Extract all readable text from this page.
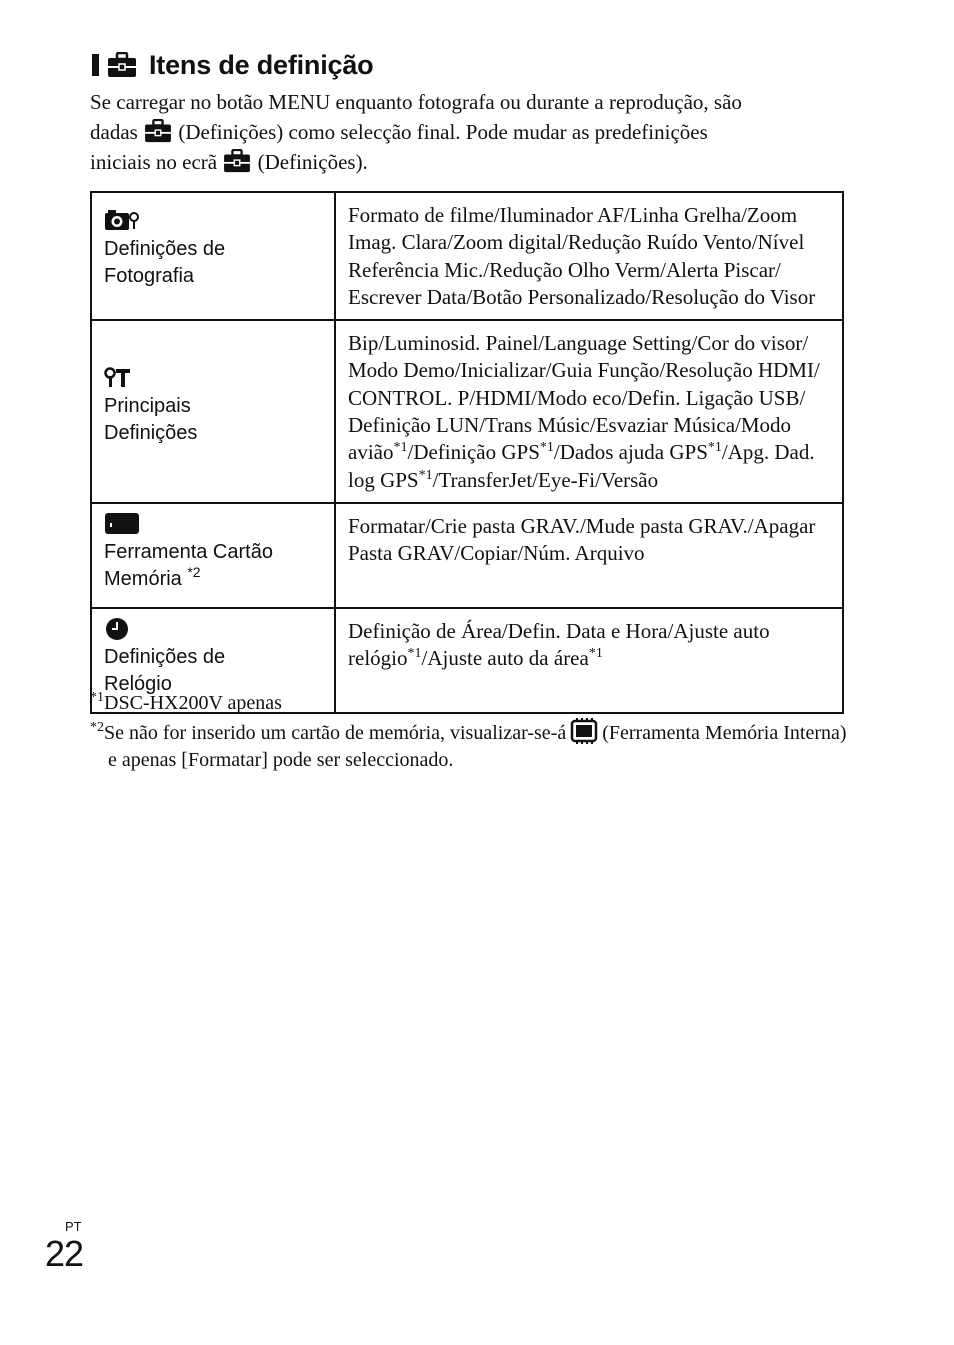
Itens de definição

Se carregar no botão MENU enquanto fotografa ou durante a reprodução, são

dadas (Definições) como selecção final. Pode mudar as predefinições

iniciais no ecrã (Definições).

Definições de
Fotografia	Formato de filme/Iluminador AF/Linha Grelha/Zoom Imag. Clara/Zoom digital/Redução Ruído Vento/Nível Referência Mic./Redução Olho Verm/Alerta Piscar/ Escrever Data/Botão Personalizado/Resolução do Visor

Principais
Definições	Bip/Luminosid. Painel/Language Setting/Cor do visor/ Modo Demo/Inicializar/Guia Função/Resolução HDMI/ CONTROL. P/HDMI/Modo eco/Defin. Ligação USB/ Definição LUN/Trans Músic/Esvaziar Música/Modo avião$^{*1}$/Definição GPS$^{*1}$/Dados ajuda GPS$^{*1}$/Apg. Dad. log GPS$^{*1}$/TransferJet/Eye-Fi/Versão

Ferramenta Cartão
Memória $^{*2}$	Formatar/Crie pasta GRAV./Mude pasta GRAV./Apagar Pasta GRAV/Copiar/Núm. Arquivo

Definições de
Relógio	Definição de Área/Defin. Data e Hora/Ajuste auto relógio$^{*1}$/Ajuste auto da área$^{*1}$

$^{*1}$DSC-HX200V apenas

$^{*2}$Se não for inserido um cartão de memória, visualizar-se-á (Ferramenta Memória Interna) e apenas [Formatar] pode ser seleccionado.

PT
22
